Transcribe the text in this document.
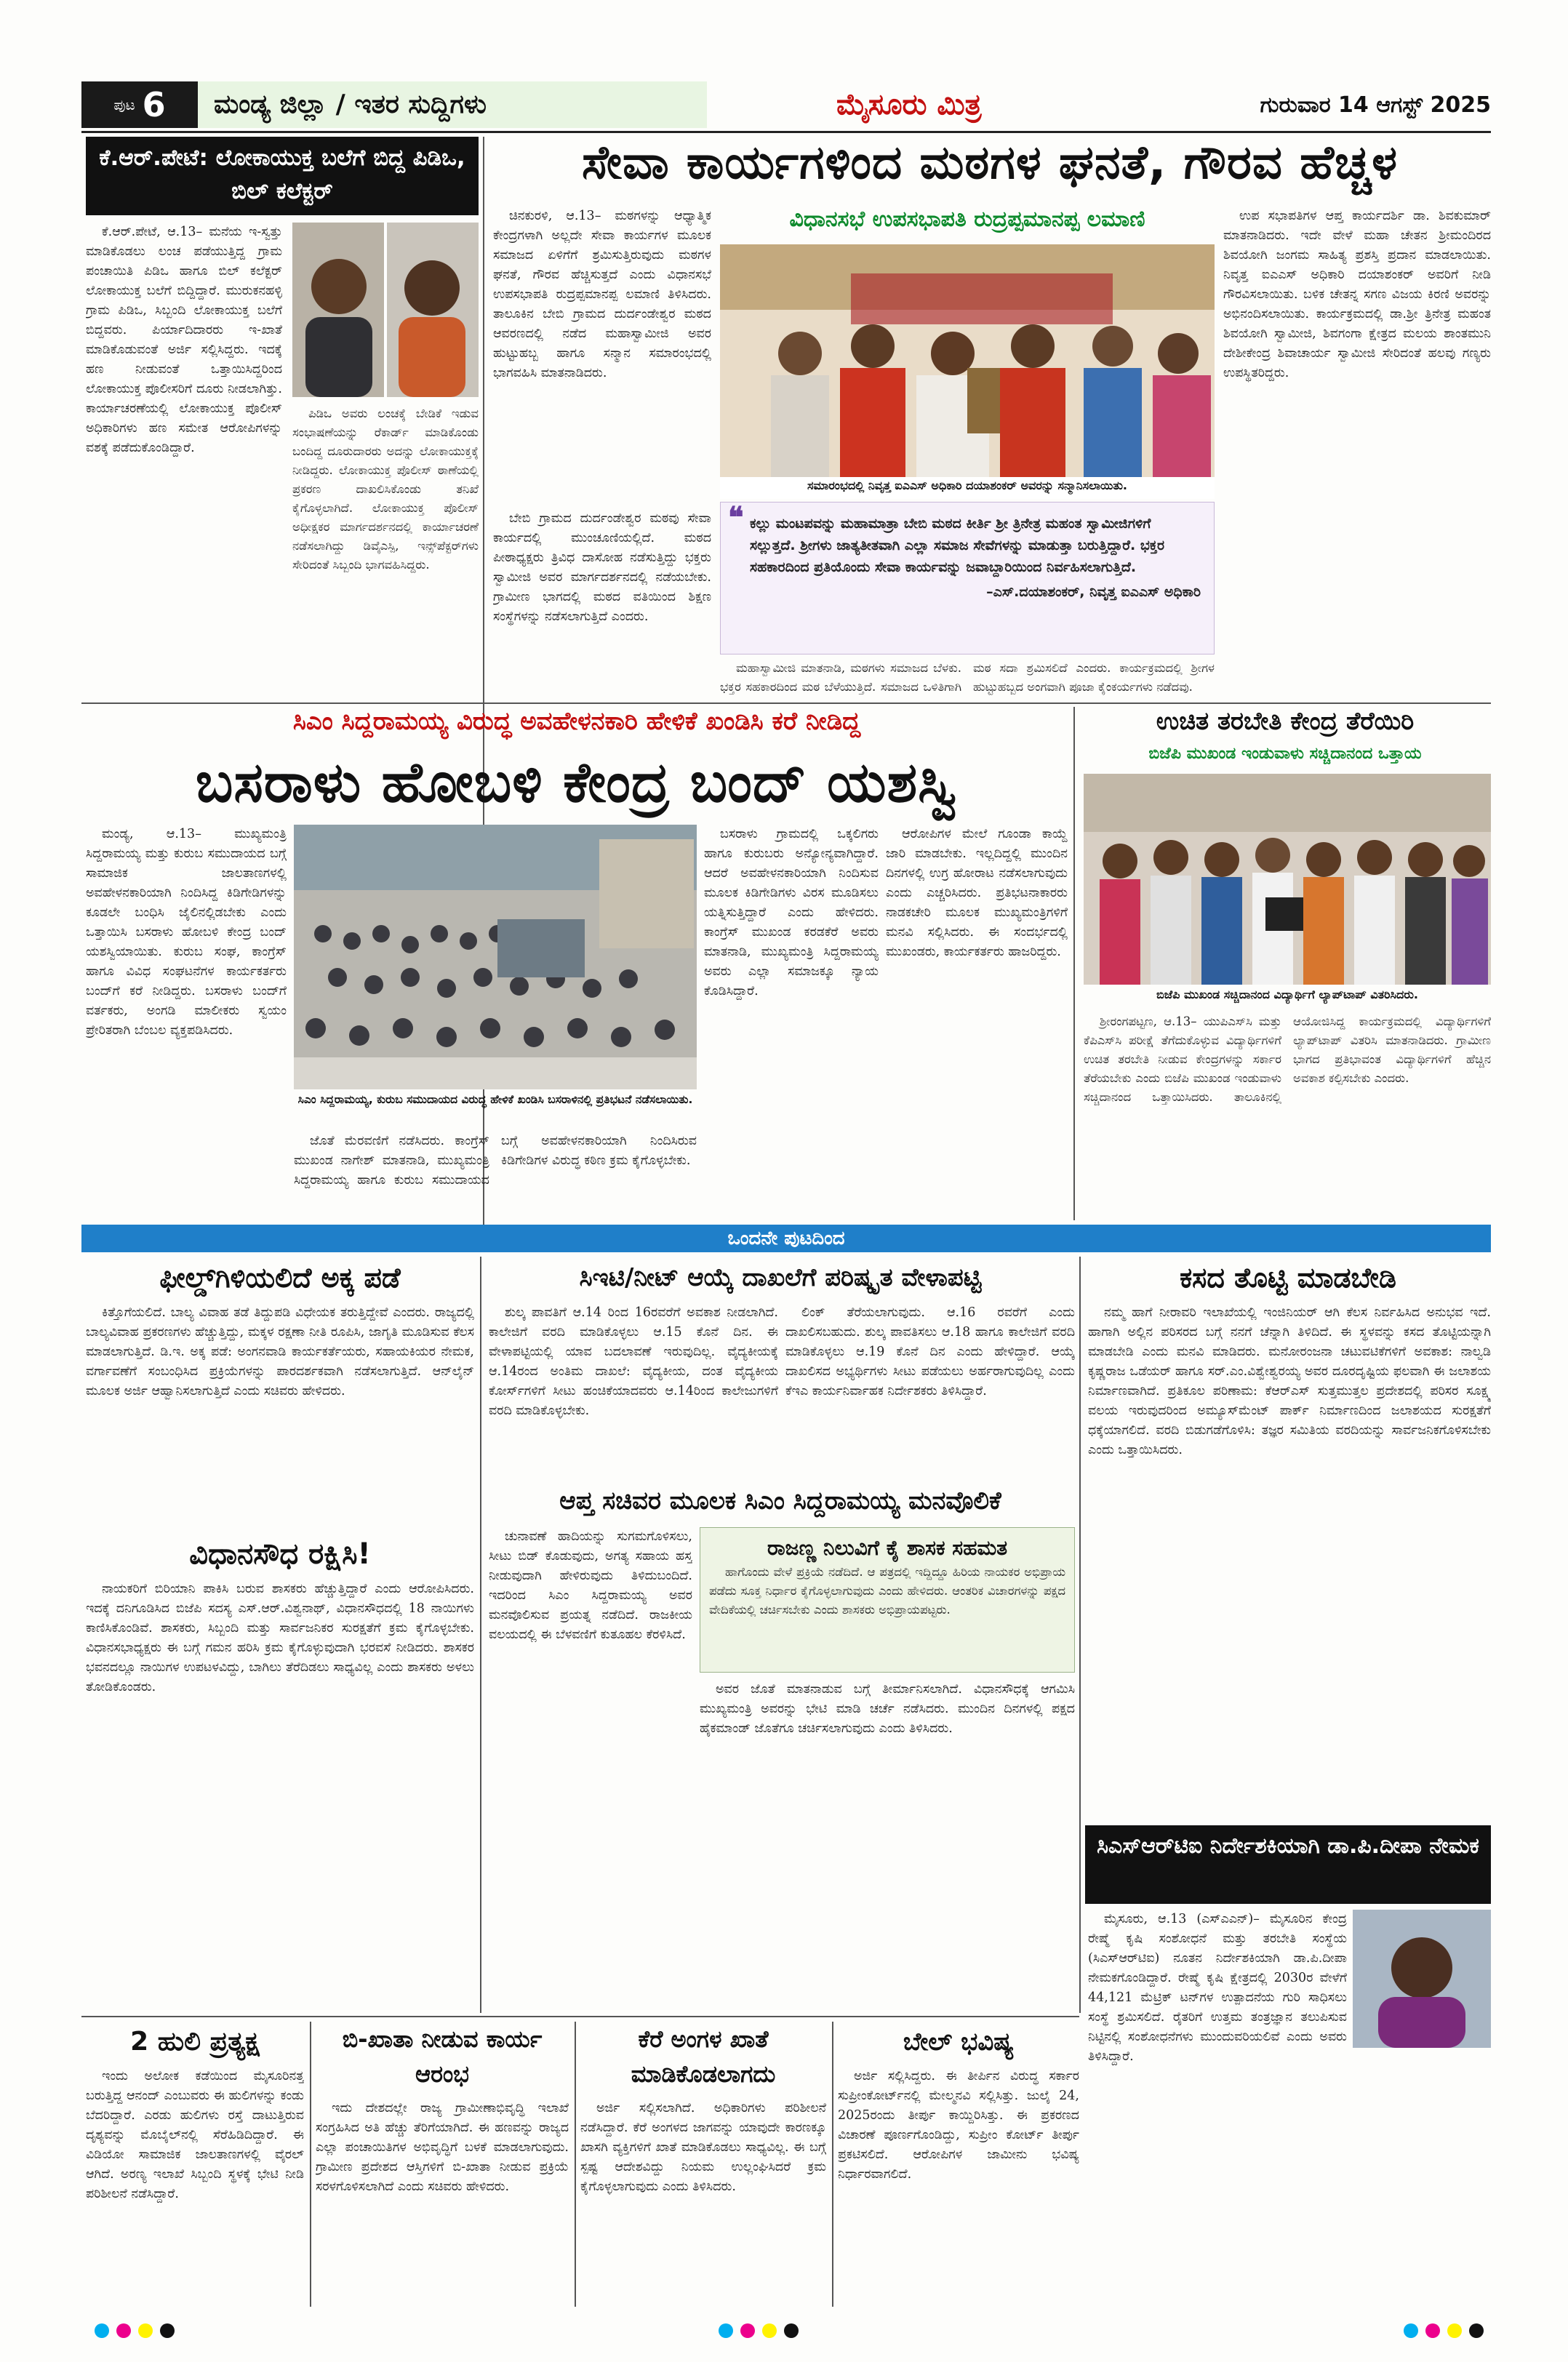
ಪುಟ 6	ಮಂಡ್ಯ ಜಿಲ್ಲಾ / ಇತರ ಸುದ್ದಿಗಳು	ಮೈಸೂರು ಮಿತ್ರ	ಗುರುವಾರ 14 ಆಗಸ್ಟ್ 2025
ಕೆ.ಆರ್.ಪೇಟೆ: ಲೋಕಾಯುಕ್ತ ಬಲೆಗೆ ಬಿದ್ದ ಪಿಡಿಒ, ಬಿಲ್ ಕಲೆಕ್ಟರ್

ಕೆ.ಆರ್.ಪೇಟೆ, ಆ.13– ಮನೆಯ ಇ-ಸ್ವತ್ತು ಮಾಡಿಕೊಡಲು ಲಂಚ ಪಡೆಯುತ್ತಿದ್ದ ಗ್ರಾಮ ಪಂಚಾಯಿತಿ ಪಿಡಿಒ ಹಾಗೂ ಬಿಲ್ ಕಲೆಕ್ಟರ್ ಲೋಕಾಯುಕ್ತ ಬಲೆಗೆ ಬಿದ್ದಿದ್ದಾರೆ. ಮುರುಕನಹಳ್ಳಿ ಗ್ರಾಮ ಪಿಡಿಒ, ಸಿಬ್ಬಂದಿ ಲೋಕಾಯುಕ್ತ ಬಲೆಗೆ ಬಿದ್ದವರು. ಪಿರ್ಯಾದಿದಾರರು ಇ-ಖಾತೆ ಮಾಡಿಕೊಡುವಂತೆ ಅರ್ಜಿ ಸಲ್ಲಿಸಿದ್ದರು. ಇದಕ್ಕೆ ಹಣ ನೀಡುವಂತೆ ಒತ್ತಾಯಿಸಿದ್ದರಿಂದ ಲೋಕಾಯುಕ್ತ ಪೊಲೀಸರಿಗೆ ದೂರು ನೀಡಲಾಗಿತ್ತು. ಕಾರ್ಯಾಚರಣೆಯಲ್ಲಿ ಲೋಕಾಯುಕ್ತ ಪೊಲೀಸ್ ಅಧಿಕಾರಿಗಳು ಹಣ ಸಮೇತ ಆರೋಪಿಗಳನ್ನು ವಶಕ್ಕೆ ಪಡೆದುಕೊಂಡಿದ್ದಾರೆ.

ಪಿಡಿಒ ಅವರು ಲಂಚಕ್ಕೆ ಬೇಡಿಕೆ ಇಡುವ ಸಂಭಾಷಣೆಯನ್ನು ರೆಕಾರ್ಡ್ ಮಾಡಿಕೊಂಡು ಬಂದಿದ್ದ ದೂರುದಾರರು ಅದನ್ನು ಲೋಕಾಯುಕ್ತಕ್ಕೆ ನೀಡಿದ್ದರು. ಲೋಕಾಯುಕ್ತ ಪೊಲೀಸ್ ಠಾಣೆಯಲ್ಲಿ ಪ್ರಕರಣ ದಾಖಲಿಸಿಕೊಂಡು ತನಿಖೆ ಕೈಗೊಳ್ಳಲಾಗಿದೆ. ಲೋಕಾಯುಕ್ತ ಪೊಲೀಸ್ ಅಧೀಕ್ಷಕರ ಮಾರ್ಗದರ್ಶನದಲ್ಲಿ ಕಾರ್ಯಾಚರಣೆ ನಡೆಸಲಾಗಿದ್ದು ಡಿವೈಎಸ್ಪಿ, ಇನ್ಸ್‌ಪೆಕ್ಟರ್‌ಗಳು ಸೇರಿದಂತೆ ಸಿಬ್ಬಂದಿ ಭಾಗವಹಿಸಿದ್ದರು.

ಸೇವಾ ಕಾರ್ಯಗಳಿಂದ ಮಠಗಳ ಘನತೆ, ಗೌರವ ಹೆಚ್ಚಳ

ಚಿನಕುರಳಿ, ಆ.13– ಮಠಗಳನ್ನು ಆಧ್ಯಾತ್ಮಿಕ ಕೇಂದ್ರಗಳಾಗಿ ಅಲ್ಲದೇ ಸೇವಾ ಕಾರ್ಯಗಳ ಮೂಲಕ ಸಮಾಜದ ಏಳಿಗೆಗೆ ಶ್ರಮಿಸುತ್ತಿರುವುದು ಮಠಗಳ ಘನತೆ, ಗೌರವ ಹೆಚ್ಚಿಸುತ್ತದೆ ಎಂದು ವಿಧಾನಸಭೆ ಉಪಸಭಾಪತಿ ರುದ್ರಪ್ಪಮಾನಪ್ಪ ಲಮಾಣಿ ತಿಳಿಸಿದರು. ತಾಲೂಕಿನ ಬೇಬಿ ಗ್ರಾಮದ ದುರ್ದಂಡೇಶ್ವರ ಮಠದ ಆವರಣದಲ್ಲಿ ನಡೆದ ಮಹಾಸ್ವಾಮೀಜಿ ಅವರ ಹುಟ್ಟುಹಬ್ಬ ಹಾಗೂ ಸನ್ಮಾನ ಸಮಾರಂಭದಲ್ಲಿ ಭಾಗವಹಿಸಿ ಮಾತನಾಡಿದರು.

ವಿಧಾನಸಭೆ ಉಪಸಭಾಪತಿ ರುದ್ರಪ್ಪಮಾನಪ್ಪ ಲಮಾಣಿ
ಸಮಾರಂಭದಲ್ಲಿ ನಿವೃತ್ತ ಐಎಎಸ್ ಅಧಿಕಾರಿ ದಯಾಶಂಕರ್ ಅವರನ್ನು ಸನ್ಮಾನಿಸಲಾಯಿತು.
❝ ಕಲ್ಲು ಮಂಟಪವನ್ನು ಮಹಾಮಾತ್ರಾ ಬೇಬಿ ಮಠದ ಕೀರ್ತಿ ಶ್ರೀ ತ್ರಿನೇತ್ರ ಮಹಂತ ಸ್ವಾಮೀಜಿಗಳಿಗೆ ಸಲ್ಲುತ್ತದೆ. ಶ್ರೀಗಳು ಜಾತ್ಯತೀತವಾಗಿ ಎಲ್ಲಾ ಸಮಾಜ ಸೇವೆಗಳನ್ನು ಮಾಡುತ್ತಾ ಬರುತ್ತಿದ್ದಾರೆ. ಭಕ್ತರ ಸಹಕಾರದಿಂದ ಪ್ರತಿಯೊಂದು ಸೇವಾ ಕಾರ್ಯವನ್ನು ಜವಾಬ್ದಾರಿಯಿಂದ ನಿರ್ವಹಿಸಲಾಗುತ್ತಿದೆ.
–ಎಸ್.ದಯಾಶಂಕರ್, ನಿವೃತ್ತ ಐಎಎಸ್ ಅಧಿಕಾರಿ

ಬೇಬಿ ಗ್ರಾಮದ ದುರ್ದಂಡೇಶ್ವರ ಮಠವು ಸೇವಾ ಕಾರ್ಯದಲ್ಲಿ ಮುಂಚೂಣಿಯಲ್ಲಿದೆ. ಮಠದ ಪೀಠಾಧ್ಯಕ್ಷರು ತ್ರಿವಿಧ ದಾಸೋಹ ನಡೆಸುತ್ತಿದ್ದು ಭಕ್ತರು ಸ್ವಾಮೀಜಿ ಅವರ ಮಾರ್ಗದರ್ಶನದಲ್ಲಿ ನಡೆಯಬೇಕು. ಗ್ರಾಮೀಣ ಭಾಗದಲ್ಲಿ ಮಠದ ವತಿಯಿಂದ ಶಿಕ್ಷಣ ಸಂಸ್ಥೆಗಳನ್ನು ನಡೆಸಲಾಗುತ್ತಿದೆ ಎಂದರು.

ಮಹಾಸ್ವಾಮೀಜಿ ಮಾತನಾಡಿ, ಮಠಗಳು ಸಮಾಜದ ಬೆಳಕು. ಭಕ್ತರ ಸಹಕಾರದಿಂದ ಮಠ ಬೆಳೆಯುತ್ತಿದೆ. ಸಮಾಜದ ಒಳಿತಿಗಾಗಿ ಮಠ ಸದಾ ಶ್ರಮಿಸಲಿದೆ ಎಂದರು. ಕಾರ್ಯಕ್ರಮದಲ್ಲಿ ಶ್ರೀಗಳ ಹುಟ್ಟುಹಬ್ಬದ ಅಂಗವಾಗಿ ಪೂಜಾ ಕೈಂಕರ್ಯಗಳು ನಡೆದವು.

ಉಪ ಸಭಾಪತಿಗಳ ಆಪ್ತ ಕಾರ್ಯದರ್ಶಿ ಡಾ. ಶಿವಕುಮಾರ್ ಮಾತನಾಡಿದರು. ಇದೇ ವೇಳೆ ಮಹಾ ಚೇತನ ಶ್ರೀಮಂದಿರದ ಶಿವಯೋಗಿ ಜಂಗಮ ಸಾಹಿತ್ಯ ಪ್ರಶಸ್ತಿ ಪ್ರದಾನ ಮಾಡಲಾಯಿತು. ನಿವೃತ್ತ ಐಎಎಸ್ ಅಧಿಕಾರಿ ದಯಾಶಂಕರ್ ಅವರಿಗೆ ನೀಡಿ ಗೌರವಿಸಲಾಯಿತು. ಬಳಿಕ ಚೇತನ್ನ ಸಗಣ ವಿಜಯ ಕಿರಣಿ ಅವರನ್ನು ಅಭಿನಂದಿಸಲಾಯಿತು. ಕಾರ್ಯಕ್ರಮದಲ್ಲಿ ಡಾ.ಶ್ರೀ ತ್ರಿನೇತ್ರ ಮಹಂತ ಶಿವಯೋಗಿ ಸ್ವಾಮೀಜಿ, ಶಿವಗಂಗಾ ಕ್ಷೇತ್ರದ ಮಲಯ ಶಾಂತಮುನಿ ದೇಶೀಕೇಂದ್ರ ಶಿವಾಚಾರ್ಯ ಸ್ವಾಮೀಜಿ ಸೇರಿದಂತೆ ಹಲವು ಗಣ್ಯರು ಉಪಸ್ಥಿತರಿದ್ದರು.

ಸಿಎಂ ಸಿದ್ದರಾಮಯ್ಯ ವಿರುದ್ಧ ಅವಹೇಳನಕಾರಿ ಹೇಳಿಕೆ ಖಂಡಿಸಿ ಕರೆ ನೀಡಿದ್ದ
ಬಸರಾಳು ಹೋಬಳಿ ಕೇಂದ್ರ ಬಂದ್ ಯಶಸ್ವಿ

ಮಂಡ್ಯ, ಆ.13– ಮುಖ್ಯಮಂತ್ರಿ ಸಿದ್ದರಾಮಯ್ಯ ಮತ್ತು ಕುರುಬ ಸಮುದಾಯದ ಬಗ್ಗೆ ಸಾಮಾಜಿಕ ಜಾಲತಾಣಗಳಲ್ಲಿ ಅವಹೇಳನಕಾರಿಯಾಗಿ ನಿಂದಿಸಿದ್ದ ಕಿಡಿಗೇಡಿಗಳನ್ನು ಕೂಡಲೇ ಬಂಧಿಸಿ ಜೈಲಿನಲ್ಲಿಡಬೇಕು ಎಂದು ಒತ್ತಾಯಿಸಿ ಬಸರಾಳು ಹೋಬಳಿ ಕೇಂದ್ರ ಬಂದ್ ಯಶಸ್ವಿಯಾಯಿತು. ಕುರುಬ ಸಂಘ, ಕಾಂಗ್ರೆಸ್ ಹಾಗೂ ವಿವಿಧ ಸಂಘಟನೆಗಳ ಕಾರ್ಯಕರ್ತರು ಬಂದ್‌ಗೆ ಕರೆ ನೀಡಿದ್ದರು. ಬಸರಾಳು ಬಂದ್‌ಗೆ ವರ್ತಕರು, ಅಂಗಡಿ ಮಾಲೀಕರು ಸ್ವಯಂ ಪ್ರೇರಿತರಾಗಿ ಬೆಂಬಲ ವ್ಯಕ್ತಪಡಿಸಿದರು.

ಸಿಎಂ ಸಿದ್ದರಾಮಯ್ಯ, ಕುರುಬ ಸಮುದಾಯದ ವಿರುದ್ಧ ಹೇಳಿಕೆ ಖಂಡಿಸಿ ಬಸರಾಳಿನಲ್ಲಿ ಪ್ರತಿಭಟನೆ ನಡೆಸಲಾಯಿತು.

ಜೊತೆ ಮೆರವಣಿಗೆ ನಡೆಸಿದರು. ಕಾಂಗ್ರೆಸ್ ಮುಖಂಡ ನಾಗೇಶ್ ಮಾತನಾಡಿ, ಮುಖ್ಯಮಂತ್ರಿ ಸಿದ್ದರಾಮಯ್ಯ ಹಾಗೂ ಕುರುಬ ಸಮುದಾಯದ ಬಗ್ಗೆ ಅವಹೇಳನಕಾರಿಯಾಗಿ ನಿಂದಿಸಿರುವ ಕಿಡಿಗೇಡಿಗಳ ವಿರುದ್ಧ ಕಠಿಣ ಕ್ರಮ ಕೈಗೊಳ್ಳಬೇಕು.

ಬಸರಾಳು ಗ್ರಾಮದಲ್ಲಿ ಒಕ್ಕಲಿಗರು ಹಾಗೂ ಕುರುಬರು ಅನ್ಯೋನ್ಯವಾಗಿದ್ದಾರೆ. ಆದರೆ ಅವಹೇಳನಕಾರಿಯಾಗಿ ನಿಂದಿಸುವ ಮೂಲಕ ಕಿಡಿಗೇಡಿಗಳು ವಿರಸ ಮೂಡಿಸಲು ಯತ್ನಿಸುತ್ತಿದ್ದಾರೆ ಎಂದು ಹೇಳಿದರು. ಕಾಂಗ್ರೆಸ್ ಮುಖಂಡ ಕರಡಕೆರೆ ಅವರು ಮಾತನಾಡಿ, ಮುಖ್ಯಮಂತ್ರಿ ಸಿದ್ದರಾಮಯ್ಯ ಅವರು ಎಲ್ಲಾ ಸಮಾಜಕ್ಕೂ ನ್ಯಾಯ ಕೊಡಿಸಿದ್ದಾರೆ.

ಆರೋಪಿಗಳ ಮೇಲೆ ಗೂಂಡಾ ಕಾಯ್ದೆ ಜಾರಿ ಮಾಡಬೇಕು. ಇಲ್ಲದಿದ್ದಲ್ಲಿ ಮುಂದಿನ ದಿನಗಳಲ್ಲಿ ಉಗ್ರ ಹೋರಾಟ ನಡೆಸಲಾಗುವುದು ಎಂದು ಎಚ್ಚರಿಸಿದರು. ಪ್ರತಿಭಟನಾಕಾರರು ನಾಡಕಚೇರಿ ಮೂಲಕ ಮುಖ್ಯಮಂತ್ರಿಗಳಿಗೆ ಮನವಿ ಸಲ್ಲಿಸಿದರು. ಈ ಸಂದರ್ಭದಲ್ಲಿ ಮುಖಂಡರು, ಕಾರ್ಯಕರ್ತರು ಹಾಜರಿದ್ದರು.

ಉಚಿತ ತರಬೇತಿ ಕೇಂದ್ರ ತೆರೆಯಿರಿ
ಬಿಜೆಪಿ ಮುಖಂಡ ಇಂಡುವಾಳು ಸಚ್ಚಿದಾನಂದ ಒತ್ತಾಯ
ಬಿಜೆಪಿ ಮುಖಂಡ ಸಚ್ಚಿದಾನಂದ ವಿದ್ಯಾರ್ಥಿಗೆ ಲ್ಯಾಪ್‌ಟಾಪ್ ವಿತರಿಸಿದರು.

ಶ್ರೀರಂಗಪಟ್ಟಣ, ಆ.13– ಯುಪಿಎಸ್‌ಸಿ ಮತ್ತು ಕೆಪಿಎಸ್‌ಸಿ ಪರೀಕ್ಷೆ ತೆಗೆದುಕೊಳ್ಳುವ ವಿದ್ಯಾರ್ಥಿಗಳಿಗೆ ಉಚಿತ ತರಬೇತಿ ನೀಡುವ ಕೇಂದ್ರಗಳನ್ನು ಸರ್ಕಾರ ತೆರೆಯಬೇಕು ಎಂದು ಬಿಜೆಪಿ ಮುಖಂಡ ಇಂಡುವಾಳು ಸಚ್ಚಿದಾನಂದ ಒತ್ತಾಯಿಸಿದರು. ತಾಲೂಕಿನಲ್ಲಿ ಆಯೋಜಿಸಿದ್ದ ಕಾರ್ಯಕ್ರಮದಲ್ಲಿ ವಿದ್ಯಾರ್ಥಿಗಳಿಗೆ ಲ್ಯಾಪ್‌ಟಾಪ್ ವಿತರಿಸಿ ಮಾತನಾಡಿದರು. ಗ್ರಾಮೀಣ ಭಾಗದ ಪ್ರತಿಭಾವಂತ ವಿದ್ಯಾರ್ಥಿಗಳಿಗೆ ಹೆಚ್ಚಿನ ಅವಕಾಶ ಕಲ್ಪಿಸಬೇಕು ಎಂದರು.

ಒಂದನೇ ಪುಟದಿಂದ
ಫೀಲ್ಡ್‌ಗಿಳಿಯಲಿದೆ ಅಕ್ಕ ಪಡೆ

ಕಿತ್ತೊಗೆಯಲಿದೆ. ಬಾಲ್ಯ ವಿವಾಹ ತಡೆ ತಿದ್ದುಪಡಿ ವಿಧೇಯಕ ತರುತ್ತಿದ್ದೇವೆ ಎಂದರು. ರಾಜ್ಯದಲ್ಲಿ ಬಾಲ್ಯವಿವಾಹ ಪ್ರಕರಣಗಳು ಹೆಚ್ಚುತ್ತಿದ್ದು, ಮಕ್ಕಳ ರಕ್ಷಣಾ ನೀತಿ ರೂಪಿಸಿ, ಜಾಗೃತಿ ಮೂಡಿಸುವ ಕೆಲಸ ಮಾಡಲಾಗುತ್ತಿದೆ. ಡಿ.ಇ. ಅಕ್ಕ ಪಡೆ: ಅಂಗನವಾಡಿ ಕಾರ್ಯಕರ್ತೆಯರು, ಸಹಾಯಕಿಯರ ನೇಮಕ, ವರ್ಗಾವಣೆಗೆ ಸಂಬಂಧಿಸಿದ ಪ್ರಕ್ರಿಯೆಗಳನ್ನು ಪಾರದರ್ಶಕವಾಗಿ ನಡೆಸಲಾಗುತ್ತಿದೆ. ಆನ್‌ಲೈನ್ ಮೂಲಕ ಅರ್ಜಿ ಆಹ್ವಾನಿಸಲಾಗುತ್ತಿದೆ ಎಂದು ಸಚಿವರು ಹೇಳಿದರು.

ವಿಧಾನಸೌಧ ರಕ್ಷಿಸಿ!

ನಾಯಕರಿಗೆ ಬಿರಿಯಾನಿ ಪಾಕಿಸಿ ಬರುವ ಶಾಸಕರು ಹೆಚ್ಚುತ್ತಿದ್ದಾರೆ ಎಂದು ಆರೋಪಿಸಿದರು. ಇದಕ್ಕೆ ದನಿಗೂಡಿಸಿದ ಬಿಜೆಪಿ ಸದಸ್ಯ ಎಸ್.ಆರ್.ವಿಶ್ವನಾಥ್, ವಿಧಾನಸೌಧದಲ್ಲಿ 18 ನಾಯಿಗಳು ಕಾಣಿಸಿಕೊಂಡಿವೆ. ಶಾಸಕರು, ಸಿಬ್ಬಂದಿ ಮತ್ತು ಸಾರ್ವಜನಿಕರ ಸುರಕ್ಷತೆಗೆ ಕ್ರಮ ಕೈಗೊಳ್ಳಬೇಕು. ವಿಧಾನಸಭಾಧ್ಯಕ್ಷರು ಈ ಬಗ್ಗೆ ಗಮನ ಹರಿಸಿ ಕ್ರಮ ಕೈಗೊಳ್ಳುವುದಾಗಿ ಭರವಸೆ ನೀಡಿದರು. ಶಾಸಕರ ಭವನದಲ್ಲೂ ನಾಯಿಗಳ ಉಪಟಳವಿದ್ದು, ಬಾಗಿಲು ತೆರೆದಿಡಲು ಸಾಧ್ಯವಿಲ್ಲ ಎಂದು ಶಾಸಕರು ಅಳಲು ತೋಡಿಕೊಂಡರು.

ಸಿಇಟಿ/ನೀಟ್ ಆಯ್ಕೆ ದಾಖಲೆಗೆ ಪರಿಷ್ಕೃತ ವೇಳಾಪಟ್ಟಿ

ಶುಲ್ಕ ಪಾವತಿಗೆ ಆ.14 ರಿಂದ 16ರವರೆಗೆ ಅವಕಾಶ ನೀಡಲಾಗಿದೆ. ಕಾಲೇಜಿಗೆ ವರದಿ ಮಾಡಿಕೊಳ್ಳಲು ಆ.15 ಕೊನೆ ದಿನ. ಈ ವೇಳಾಪಟ್ಟಿಯಲ್ಲಿ ಯಾವ ಬದಲಾವಣೆ ಇರುವುದಿಲ್ಲ. ವೈದ್ಯಕೀಯಕ್ಕೆ ಆ.14ರಂದ ಅಂತಿಮ ದಾಖಲೆ: ವೈದ್ಯಕೀಯ, ದಂತ ವೈದ್ಯಕೀಯ ಕೋರ್ಸ್‌ಗಳಿಗೆ ಸೀಟು ಹಂಚಿಕೆಯಾದವರು ಆ.14ರಿಂದ ಕಾಲೇಜುಗಳಿಗೆ ವರದಿ ಮಾಡಿಕೊಳ್ಳಬೇಕು.

ಲಿಂಕ್ ತೆರೆಯಲಾಗುವುದು. ಆ.16 ರವರೆಗೆ ಎಂದು ದಾಖಲಿಸಬಹುದು. ಶುಲ್ಕ ಪಾವತಿಸಲು ಆ.18 ಹಾಗೂ ಕಾಲೇಜಿಗೆ ವರದಿ ಮಾಡಿಕೊಳ್ಳಲು ಆ.19 ಕೊನೆ ದಿನ ಎಂದು ಹೇಳಿದ್ದಾರೆ. ಆಯ್ಕೆ ದಾಖಲಿಸದ ಅಭ್ಯರ್ಥಿಗಳು ಸೀಟು ಪಡೆಯಲು ಅರ್ಹರಾಗುವುದಿಲ್ಲ ಎಂದು ಕೆಇಎ ಕಾರ್ಯನಿರ್ವಾಹಕ ನಿರ್ದೇಶಕರು ತಿಳಿಸಿದ್ದಾರೆ.

ಆಪ್ತ ಸಚಿವರ ಮೂಲಕ ಸಿಎಂ ಸಿದ್ದರಾಮಯ್ಯ ಮನವೊಲಿಕೆ

ಚುನಾವಣೆ ಹಾದಿಯನ್ನು ಸುಗಮಗೊಳಿಸಲು, ಸೀಟು ಬಿಡ್ ಕೊಡುವುದು, ಅಗತ್ಯ ಸಹಾಯ ಹಸ್ತ ನೀಡುವುದಾಗಿ ಹೇಳಿರುವುದು ತಿಳಿದುಬಂದಿದೆ. ಇದರಿಂದ ಸಿಎಂ ಸಿದ್ದರಾಮಯ್ಯ ಅವರ ಮನವೊಲಿಸುವ ಪ್ರಯತ್ನ ನಡೆದಿದೆ. ರಾಜಕೀಯ ವಲಯದಲ್ಲಿ ಈ ಬೆಳವಣಿಗೆ ಕುತೂಹಲ ಕೆರಳಿಸಿದೆ.

ರಾಜಣ್ಣ ನಿಲುವಿಗೆ ಕೈ ಶಾಸಕ ಸಹಮತ

ಹಾಗೊಂದು ವೇಳೆ ಪ್ರಕ್ರಿಯೆ ನಡೆದಿದೆ. ಆ ಪತ್ರದಲ್ಲಿ ಇದ್ದಿದ್ದೂ ಹಿರಿಯ ನಾಯಕರ ಅಭಿಪ್ರಾಯ ಪಡೆದು ಸೂಕ್ತ ನಿರ್ಧಾರ ಕೈಗೊಳ್ಳಲಾಗುವುದು ಎಂದು ಹೇಳಿದರು. ಆಂತರಿಕ ವಿಚಾರಗಳನ್ನು ಪಕ್ಷದ ವೇದಿಕೆಯಲ್ಲಿ ಚರ್ಚಿಸಬೇಕು ಎಂದು ಶಾಸಕರು ಅಭಿಪ್ರಾಯಪಟ್ಟರು.

ಅವರ ಜೊತೆ ಮಾತನಾಡುವ ಬಗ್ಗೆ ತೀರ್ಮಾನಿಸಲಾಗಿದೆ. ವಿಧಾನಸೌಧಕ್ಕೆ ಆಗಮಿಸಿ ಮುಖ್ಯಮಂತ್ರಿ ಅವರನ್ನು ಭೇಟಿ ಮಾಡಿ ಚರ್ಚೆ ನಡೆಸಿದರು. ಮುಂದಿನ ದಿನಗಳಲ್ಲಿ ಪಕ್ಷದ ಹೈಕಮಾಂಡ್ ಜೊತೆಗೂ ಚರ್ಚಿಸಲಾಗುವುದು ಎಂದು ತಿಳಿಸಿದರು.

ಕಸದ ತೊಟ್ಟಿ ಮಾಡಬೇಡಿ

ನಮ್ಮ ಹಾಗೆ ನೀರಾವರಿ ಇಲಾಖೆಯಲ್ಲಿ ಇಂಜಿನಿಯರ್ ಆಗಿ ಕೆಲಸ ನಿರ್ವಹಿಸಿದ ಅನುಭವ ಇದೆ. ಹಾಗಾಗಿ ಅಲ್ಲಿನ ಪರಿಸರದ ಬಗ್ಗೆ ನನಗೆ ಚೆನ್ನಾಗಿ ತಿಳಿದಿದೆ. ಈ ಸ್ಥಳವನ್ನು ಕಸದ ತೊಟ್ಟಿಯನ್ನಾಗಿ ಮಾಡಬೇಡಿ ಎಂದು ಮನವಿ ಮಾಡಿದರು. ಮನೋರಂಜನಾ ಚಟುವಟಿಕೆಗಳಿಗೆ ಅವಕಾಶ: ನಾಲ್ವಡಿ ಕೃಷ್ಣರಾಜ ಒಡೆಯರ್ ಹಾಗೂ ಸರ್.ಎಂ.ವಿಶ್ವೇಶ್ವರಯ್ಯ ಅವರ ದೂರದೃಷ್ಟಿಯ ಫಲವಾಗಿ ಈ ಜಲಾಶಯ ನಿರ್ಮಾಣವಾಗಿದೆ. ಪ್ರತಿಕೂಲ ಪರಿಣಾಮ: ಕೆಆರ್‌ಎಸ್ ಸುತ್ತಮುತ್ತಲ ಪ್ರದೇಶದಲ್ಲಿ ಪರಿಸರ ಸೂಕ್ಷ್ಮ ವಲಯ ಇರುವುದರಿಂದ ಅಮ್ಯೂಸ್‌ಮೆಂಟ್ ಪಾರ್ಕ್ ನಿರ್ಮಾಣದಿಂದ ಜಲಾಶಯದ ಸುರಕ್ಷತೆಗೆ ಧಕ್ಕೆಯಾಗಲಿದೆ. ವರದಿ ಬಿಡುಗಡೆಗೊಳಿಸಿ: ತಜ್ಞರ ಸಮಿತಿಯ ವರದಿಯನ್ನು ಸಾರ್ವಜನಿಕಗೊಳಿಸಬೇಕು ಎಂದು ಒತ್ತಾಯಿಸಿದರು.

ಸಿಎಸ್‌ಆರ್‌ಟಿಐ ನಿರ್ದೇಶಕಿಯಾಗಿ ಡಾ.ಪಿ.ದೀಪಾ ನೇಮಕ

ಮೈಸೂರು, ಆ.13 (ಎಸ್‌ಎಎನ್)– ಮೈಸೂರಿನ ಕೇಂದ್ರ ರೇಷ್ಮೆ ಕೃಷಿ ಸಂಶೋಧನೆ ಮತ್ತು ತರಬೇತಿ ಸಂಸ್ಥೆಯ (ಸಿಎಸ್‌ಆರ್‌ಟಿಐ) ನೂತನ ನಿರ್ದೇಶಕಿಯಾಗಿ ಡಾ.ಪಿ.ದೀಪಾ ನೇಮಕಗೊಂಡಿದ್ದಾರೆ. ರೇಷ್ಮೆ ಕೃಷಿ ಕ್ಷೇತ್ರದಲ್ಲಿ 2030ರ ವೇಳೆಗೆ 44,121 ಮೆಟ್ರಿಕ್ ಟನ್‌ಗಳ ಉತ್ಪಾದನೆಯ ಗುರಿ ಸಾಧಿಸಲು ಸಂಸ್ಥೆ ಶ್ರಮಿಸಲಿದೆ. ರೈತರಿಗೆ ಉತ್ತಮ ತಂತ್ರಜ್ಞಾನ ತಲುಪಿಸುವ ನಿಟ್ಟಿನಲ್ಲಿ ಸಂಶೋಧನೆಗಳು ಮುಂದುವರಿಯಲಿವೆ ಎಂದು ಅವರು ತಿಳಿಸಿದ್ದಾರೆ.

2 ಹುಲಿ ಪ್ರತ್ಯಕ್ಷ

ಇಂದು ಅಲೋಕ ಕಡೆಯಿಂದ ಮೈಸೂರಿನತ್ತ ಬರುತ್ತಿದ್ದ ಆನಂದ್ ಎಂಬುವರು ಈ ಹುಲಿಗಳನ್ನು ಕಂಡು ಬೆದರಿದ್ದಾರೆ. ಎರಡು ಹುಲಿಗಳು ರಸ್ತೆ ದಾಟುತ್ತಿರುವ ದೃಶ್ಯವನ್ನು ಮೊಬೈಲ್‌ನಲ್ಲಿ ಸೆರೆಹಿಡಿದಿದ್ದಾರೆ. ಈ ವಿಡಿಯೋ ಸಾಮಾಜಿಕ ಜಾಲತಾಣಗಳಲ್ಲಿ ವೈರಲ್ ಆಗಿದೆ. ಅರಣ್ಯ ಇಲಾಖೆ ಸಿಬ್ಬಂದಿ ಸ್ಥಳಕ್ಕೆ ಭೇಟಿ ನೀಡಿ ಪರಿಶೀಲನೆ ನಡೆಸಿದ್ದಾರೆ.

ಬಿ-ಖಾತಾ ನೀಡುವ ಕಾರ್ಯ ಆರಂಭ

ಇದು ದೇಶದಲ್ಲೇ ರಾಜ್ಯ ಗ್ರಾಮೀಣಾಭಿವೃದ್ಧಿ ಇಲಾಖೆ ಸಂಗ್ರಹಿಸಿದ ಅತಿ ಹೆಚ್ಚು ತೆರಿಗೆಯಾಗಿದೆ. ಈ ಹಣವನ್ನು ರಾಜ್ಯದ ಎಲ್ಲಾ ಪಂಚಾಯಿತಿಗಳ ಅಭಿವೃದ್ಧಿಗೆ ಬಳಕೆ ಮಾಡಲಾಗುವುದು. ಗ್ರಾಮೀಣ ಪ್ರದೇಶದ ಆಸ್ತಿಗಳಿಗೆ ಬಿ-ಖಾತಾ ನೀಡುವ ಪ್ರಕ್ರಿಯೆ ಸರಳಗೊಳಿಸಲಾಗಿದೆ ಎಂದು ಸಚಿವರು ಹೇಳಿದರು.

ಕೆರೆ ಅಂಗಳ ಖಾತೆ ಮಾಡಿಕೊಡಲಾಗದು

ಅರ್ಜಿ ಸಲ್ಲಿಸಲಾಗಿದೆ. ಅಧಿಕಾರಿಗಳು ಪರಿಶೀಲನೆ ನಡೆಸಿದ್ದಾರೆ. ಕೆರೆ ಅಂಗಳದ ಜಾಗವನ್ನು ಯಾವುದೇ ಕಾರಣಕ್ಕೂ ಖಾಸಗಿ ವ್ಯಕ್ತಿಗಳಿಗೆ ಖಾತೆ ಮಾಡಿಕೊಡಲು ಸಾಧ್ಯವಿಲ್ಲ. ಈ ಬಗ್ಗೆ ಸ್ಪಷ್ಟ ಆದೇಶವಿದ್ದು ನಿಯಮ ಉಲ್ಲಂಘಿಸಿದರೆ ಕ್ರಮ ಕೈಗೊಳ್ಳಲಾಗುವುದು ಎಂದು ತಿಳಿಸಿದರು.

ಬೇಲ್ ಭವಿಷ್ಯ

ಅರ್ಜಿ ಸಲ್ಲಿಸಿದ್ದರು. ಈ ತೀರ್ಪಿನ ವಿರುದ್ಧ ಸರ್ಕಾರ ಸುಪ್ರೀಂಕೋರ್ಟ್‌ನಲ್ಲಿ ಮೇಲ್ಮನವಿ ಸಲ್ಲಿಸಿತ್ತು. ಜುಲೈ 24, 2025ರಂದು ತೀರ್ಪು ಕಾಯ್ದಿರಿಸಿತ್ತು. ಈ ಪ್ರಕರಣದ ವಿಚಾರಣೆ ಪೂರ್ಣಗೊಂಡಿದ್ದು, ಸುಪ್ರೀಂ ಕೋರ್ಟ್ ತೀರ್ಪು ಪ್ರಕಟಿಸಲಿದೆ. ಆರೋಪಿಗಳ ಜಾಮೀನು ಭವಿಷ್ಯ ನಿರ್ಧಾರವಾಗಲಿದೆ.
